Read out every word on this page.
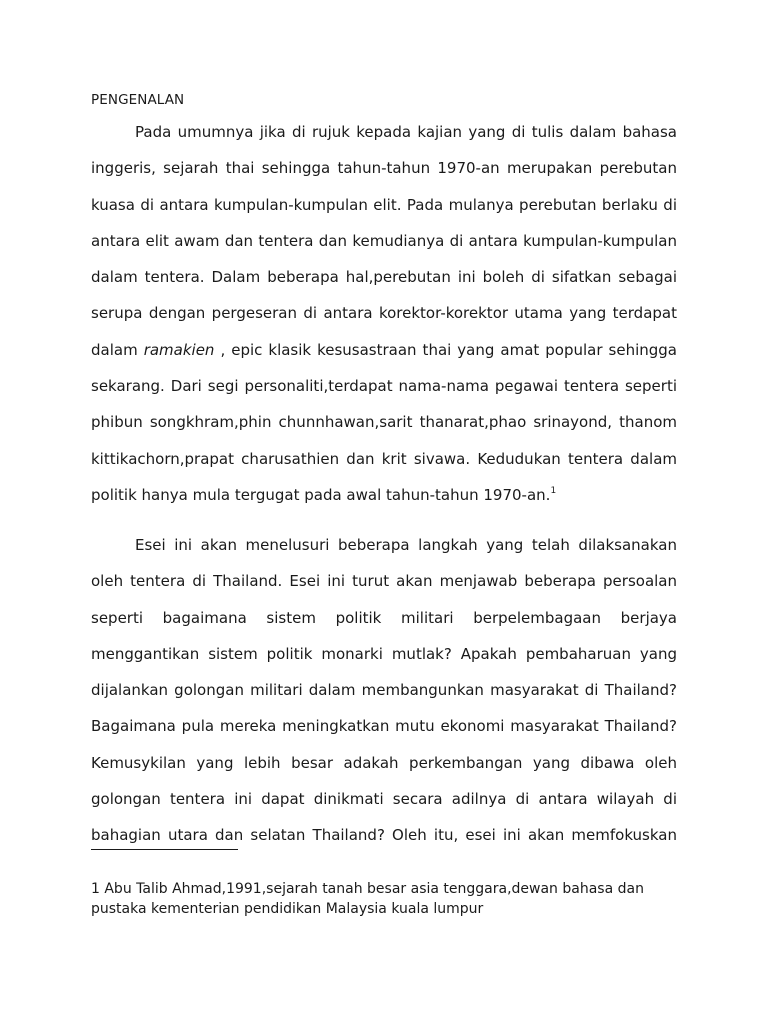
PENGENALAN
Pada umumnya jika di rujuk kepada kajian yang di tulis dalam bahasa
inggeris, sejarah thai sehingga tahun-tahun 1970-an merupakan perebutan
kuasa di antara kumpulan-kumpulan elit. Pada mulanya perebutan berlaku di
antara elit awam dan tentera dan kemudianya di antara kumpulan-kumpulan
dalam tentera. Dalam beberapa hal,perebutan ini boleh di sifatkan sebagai
serupa dengan pergeseran di antara korektor-korektor utama yang terdapat
dalam ramakien , epic klasik kesusastraan thai yang amat popular sehingga
sekarang. Dari segi personaliti,terdapat nama-nama pegawai tentera seperti
phibun songkhram,phin chunnhawan,sarit thanarat,phao srinayond, thanom
kittikachorn,prapat charusathien dan krit sivawa. Kedudukan tentera dalam
politik hanya mula tergugat pada awal tahun-tahun 1970-an.$^1$
Esei ini akan menelusuri beberapa langkah yang telah dilaksanakan
oleh tentera di Thailand. Esei ini turut akan menjawab beberapa persoalan
seperti bagaimana sistem politik militari berpelembagaan berjaya
menggantikan sistem politik monarki mutlak? Apakah pembaharuan yang
dijalankan golongan militari dalam membangunkan masyarakat di Thailand?
Bagaimana pula mereka meningkatkan mutu ekonomi masyarakat Thailand?
Kemusykilan yang lebih besar adakah perkembangan yang dibawa oleh
golongan tentera ini dapat dinikmati secara adilnya di antara wilayah di
bahagian utara dan selatan Thailand? Oleh itu, esei ini akan memfokuskan
1 Abu Talib Ahmad,1991,sejarah tanah besar asia tenggara,dewan bahasa dan
pustaka kementerian pendidikan Malaysia kuala lumpur
